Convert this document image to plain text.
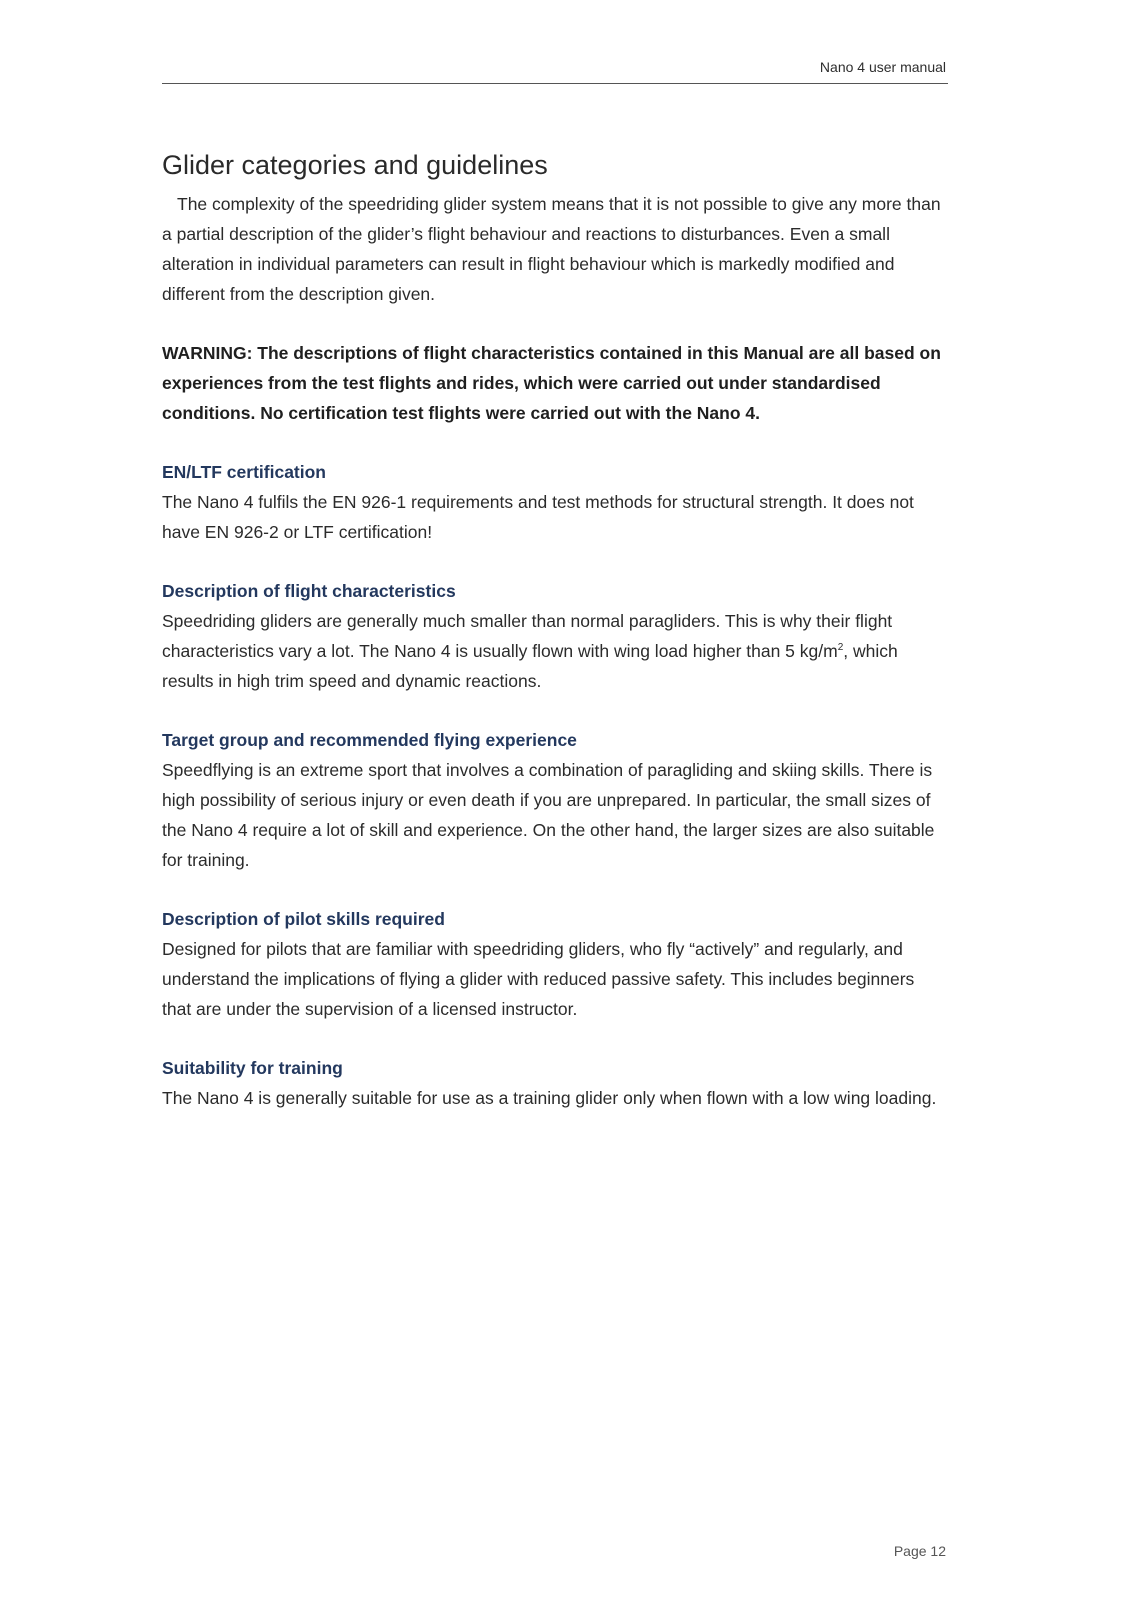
Nano 4 user manual
Glider categories and guidelines

The complexity of the speedriding glider system means that it is not possible to give any more than a partial description of the glider’s flight behaviour and reactions to disturbances. Even a small alteration in individual parameters can result in flight behaviour which is markedly modified and different from the description given.

WARNING: The descriptions of flight characteristics contained in this Manual are all based on experiences from the test flights and rides, which were carried out under standardised conditions. No certification test flights were carried out with the Nano 4.

EN/LTF certification

The Nano 4 fulfils the EN 926-1 requirements and test methods for structural strength. It does not have EN 926-2 or LTF certification!

Description of flight characteristics

Speedriding gliders are generally much smaller than normal paragliders. This is why their flight characteristics vary a lot. The Nano 4 is usually flown with wing load higher than 5 $kg/m^2$, which results in high trim speed and dynamic reactions.

Target group and recommended flying experience

Speedflying is an extreme sport that involves a combination of paragliding and skiing skills. There is high possibility of serious injury or even death if you are unprepared. In particular, the small sizes of the Nano 4 require a lot of skill and experience. On the other hand, the larger sizes are also suitable for training.

Description of pilot skills required

Designed for pilots that are familiar with speedriding gliders, who fly “actively” and regularly, and understand the implications of flying a glider with reduced passive safety. This includes beginners that are under the supervision of a licensed instructor.

Suitability for training

The Nano 4 is generally suitable for use as a training glider only when flown with a low wing loading.

Page 12
